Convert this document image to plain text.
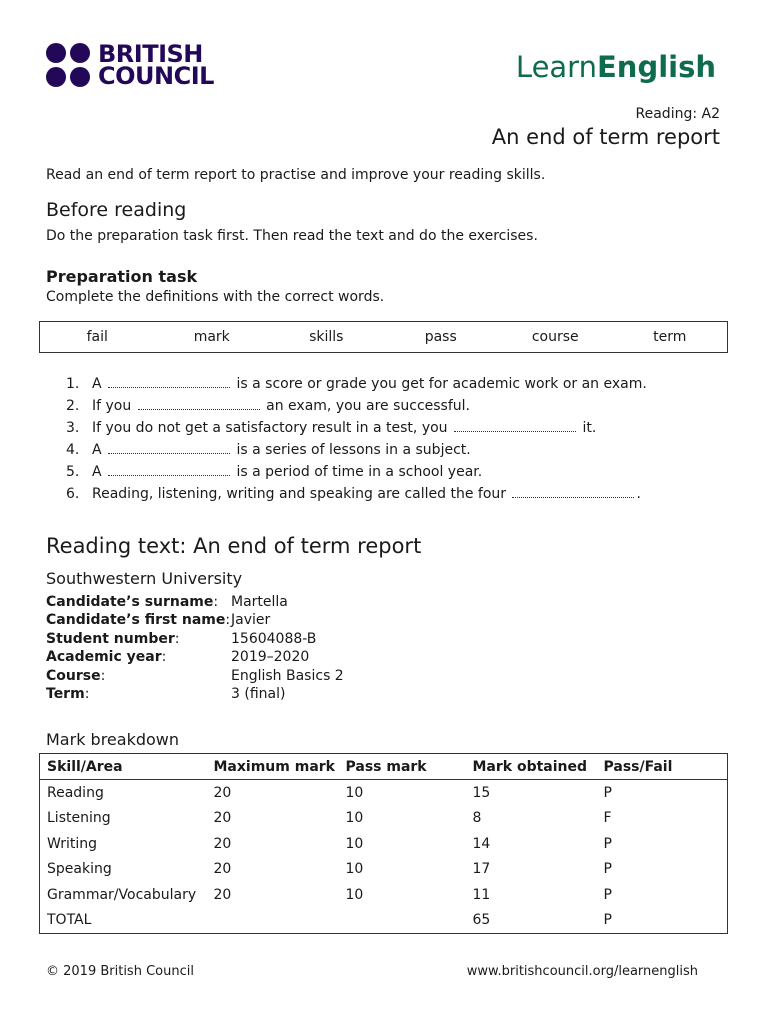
BRITISH
COUNCIL	LearnEnglish
Reading: A2
An end of term report
Read an end of term report to practise and improve your reading skills.
Before reading
Do the preparation task first. Then read the text and do the exercises.
Preparation task
Complete the definitions with the correct words.
fail	mark	skills	pass	course	term
1. A	is a score or grade you get for academic work or an exam.
2. If you	an exam, you are successful.
3. If you do not get a satisfactory result in a test, you	it.
4. A	is a series of lessons in a subject.
5. A	is a period of time in a school year.
6. Reading, listening, writing and speaking are called the four	.
Reading text: An end of term report
Southwestern University
Candidate’s surname: Martella
Candidate’s first name: Javier
Student number:	15604088-B
Academic year:	2019–2020
Course:	English Basics 2
Term:	3 (final)
Mark breakdown
Skill/Area	Maximum mark	Pass mark	Mark obtained	Pass/Fail
Reading	20	10	15	P
Listening	20	10	8	F
Writing	20	10	14	P
Speaking	20	10	17	P
Grammar/Vocabulary	20	10	11	P
TOTAL			65	P
© 2019 British Council	www.britishcouncil.org/learnenglish
